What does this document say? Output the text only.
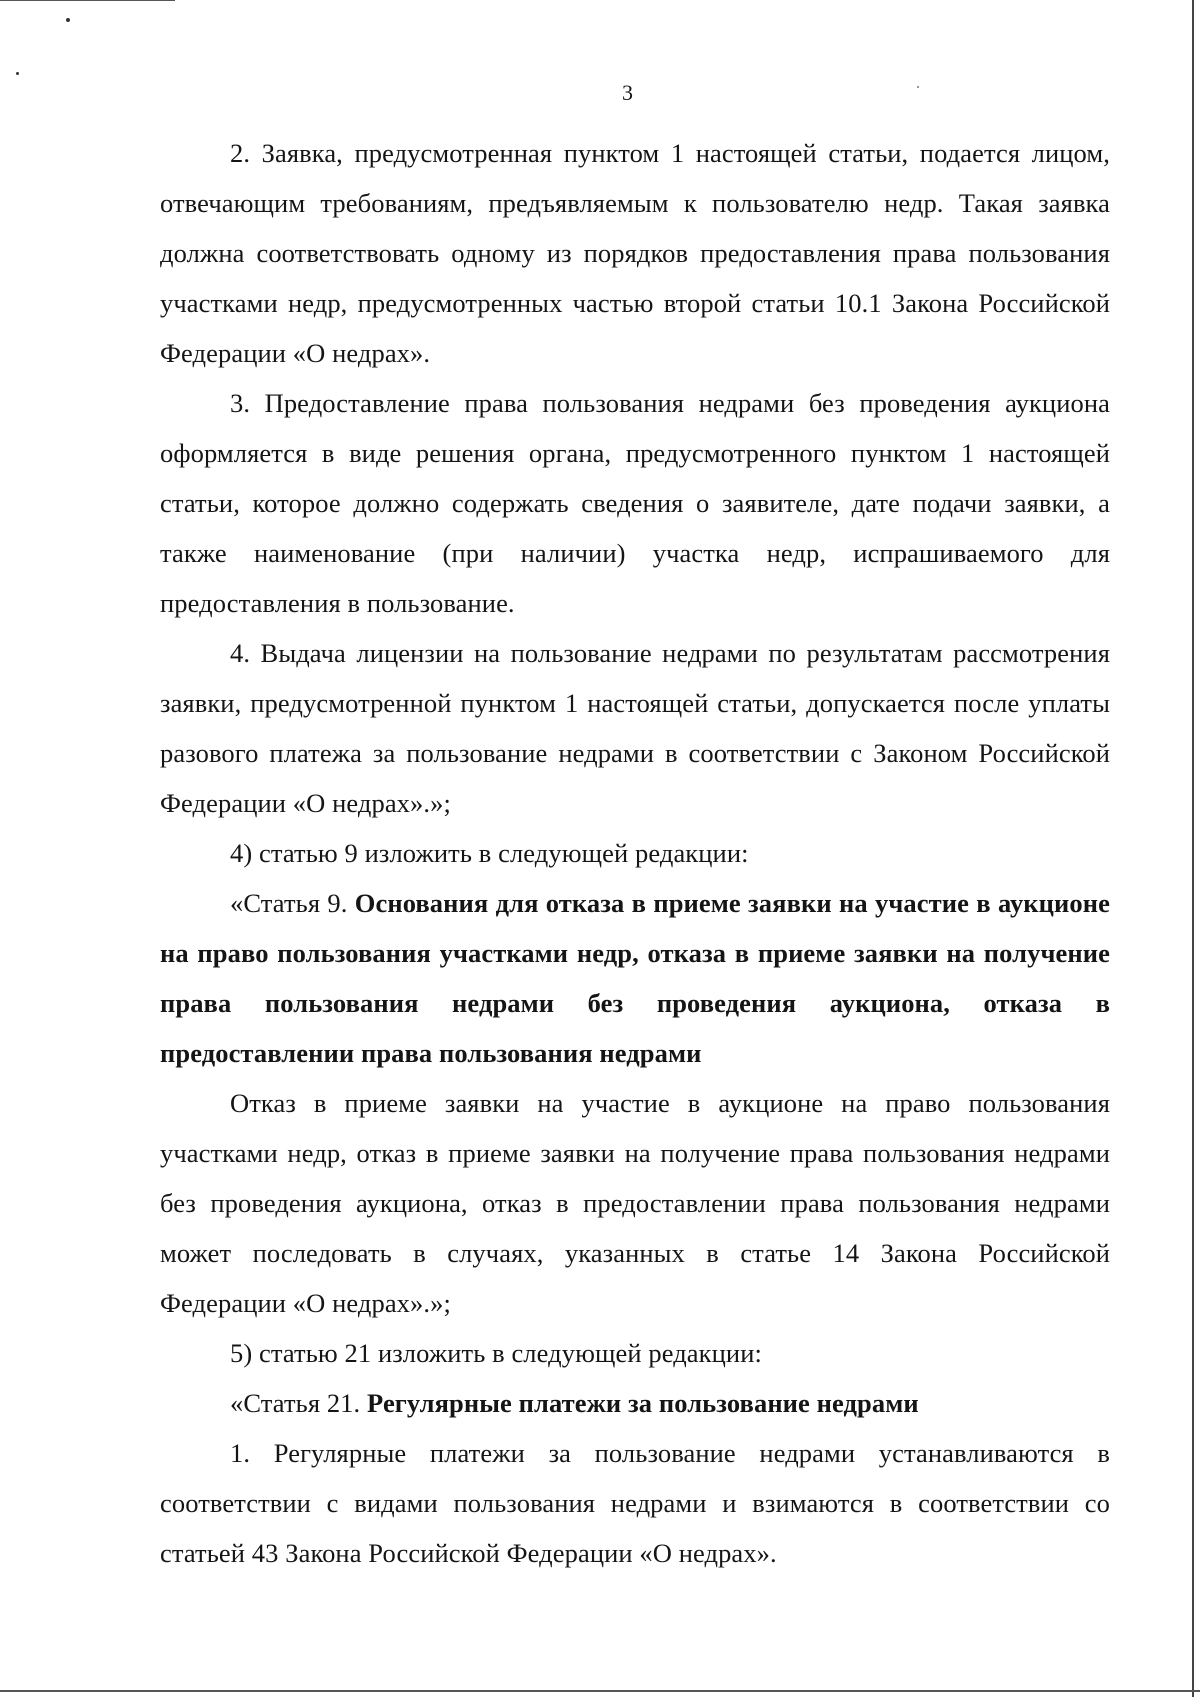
3

2. Заявка, предусмотренная пунктом 1 настоящей статьи, подается лицом, отвечающим требованиям, предъявляемым к пользователю недр. Такая заявка должна соответствовать одному из порядков предоставления права пользования участками недр, предусмотренных частью второй статьи 10.1 Закона Российской Федерации «О недрах».

3. Предоставление права пользования недрами без проведения аукциона оформляется в виде решения органа, предусмотренного пунктом 1 настоящей статьи, которое должно содержать сведения о заявителе, дате подачи заявки, а также наименование (при наличии) участка недр, испрашиваемого для предоставления в пользование.

4. Выдача лицензии на пользование недрами по результатам рассмотрения заявки, предусмотренной пунктом 1 настоящей статьи, допускается после уплаты разового платежа за пользование недрами в соответствии с Законом Российской Федерации «О недрах».»;

4) статью 9 изложить в следующей редакции:

«Статья 9. Основания для отказа в приеме заявки на участие в аукционе на право пользования участками недр, отказа в приеме заявки на получение права пользования недрами без проведения аукциона, отказа в предоставлении права пользования недрами

Отказ в приеме заявки на участие в аукционе на право пользования участками недр, отказ в приеме заявки на получение права пользования недрами без проведения аукциона, отказ в предоставлении права пользования недрами может последовать в случаях, указанных в статье 14 Закона Российской Федерации «О недрах».»;

5) статью 21 изложить в следующей редакции:

«Статья 21. Регулярные платежи за пользование недрами

1. Регулярные платежи за пользование недрами устанавливаются в соответствии с видами пользования недрами и взимаются в соответствии со статьей 43 Закона Российской Федерации «О недрах».
